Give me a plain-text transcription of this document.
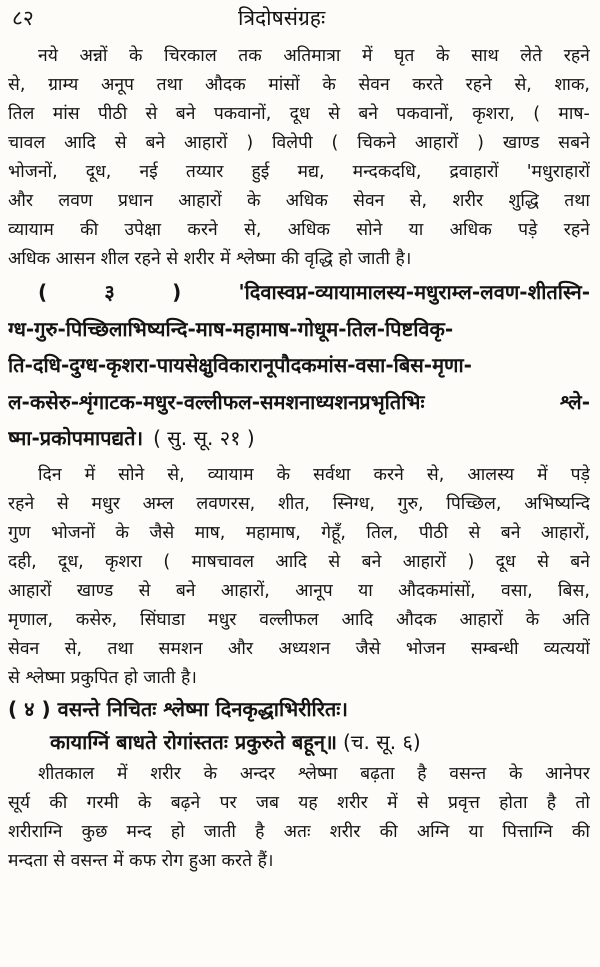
८२	त्रिदोषसंग्रहः
नये अन्नों के चिरकाल तक अतिमात्रा में घृत के साथ लेते रहने
से, ग्राम्य अनूप तथा औदक मांसों के सेवन करते रहने से, शाक,
तिल मांस पीठी से बने पकवानों, दूध से बने पकवानों, कृशरा, ( माष-
चावल आदि से बने आहारों ) विलेपी ( चिकने आहारों ) खाण्ड सबने
भोजनों, दूध, नई तय्यार हुई मद्य, मन्दकदधि, द्रवाहारों 'मधुराहारों
और लवण प्रधान आहारों के अधिक सेवन से, शरीर शुद्धि तथा
व्यायाम की उपेक्षा करने से, अधिक सोने या अधिक पड़े रहने
अधिक आसन शील रहने से शरीर में श्लेष्मा की वृद्धि हो जाती है।
(	३	)	'दिवास्वप्न-व्यायामालस्य-मधुराम्ल-लवण-शीतस्नि-
ग्ध-गुरु-पिच्छिलाभिष्यन्दि-माष-महामाष-गोधूम-तिल-पिष्टविकृ-
ति-दधि-दुग्ध-कृशरा-पायसेक्षुविकारानूपौदकमांस-वसा-बिस-मृणा-
ल-कसेरु-शृंगाटक-मधुर-वल्लीफल-समशनाध्यशनप्रभृतिभिः	श्ले-
ष्मा-प्रकोपमापद्यते। ( सु. सू. २१ )
दिन में सोने से, व्यायाम के सर्वथा करने से, आलस्य में पड़े
रहने से मधुर अम्ल लवणरस, शीत, स्निग्ध, गुरु, पिच्छिल, अभिष्यन्दि
गुण भोजनों के जैसे माष, महामाष, गेहूँ, तिल, पीठी से बने आहारों,
दही, दूध, कृशरा ( माषचावल आदि से बने आहारों ) दूध से बने
आहारों खाण्ड से बने आहारों, आनूप या औदकमांसों, वसा, बिस,
मृणाल, कसेरु, सिंघाडा मधुर वल्लीफल आदि औदक आहारों के अति
सेवन से, तथा समशन और अध्यशन जैसे भोजन सम्बन्धी व्यत्ययों
से श्लेष्मा प्रकुपित हो जाती है।
( ४ ) वसन्ते निचितः श्लेष्मा दिनकृद्धाभिरीरितः।
कायाग्निं बाधते रोगांस्ततः प्रकुरुते बहून्॥ (च. सू. ६)
शीतकाल में शरीर के अन्दर श्लेष्मा बढ़ता है वसन्त के आनेपर
सूर्य की गरमी के बढ़ने पर जब यह शरीर में से प्रवृत्त होता है तो
शरीराग्नि कुछ मन्द हो जाती है अतः शरीर की अग्नि या पित्ताग्नि की
मन्दता से वसन्त में कफ रोग हुआ करते हैं।
